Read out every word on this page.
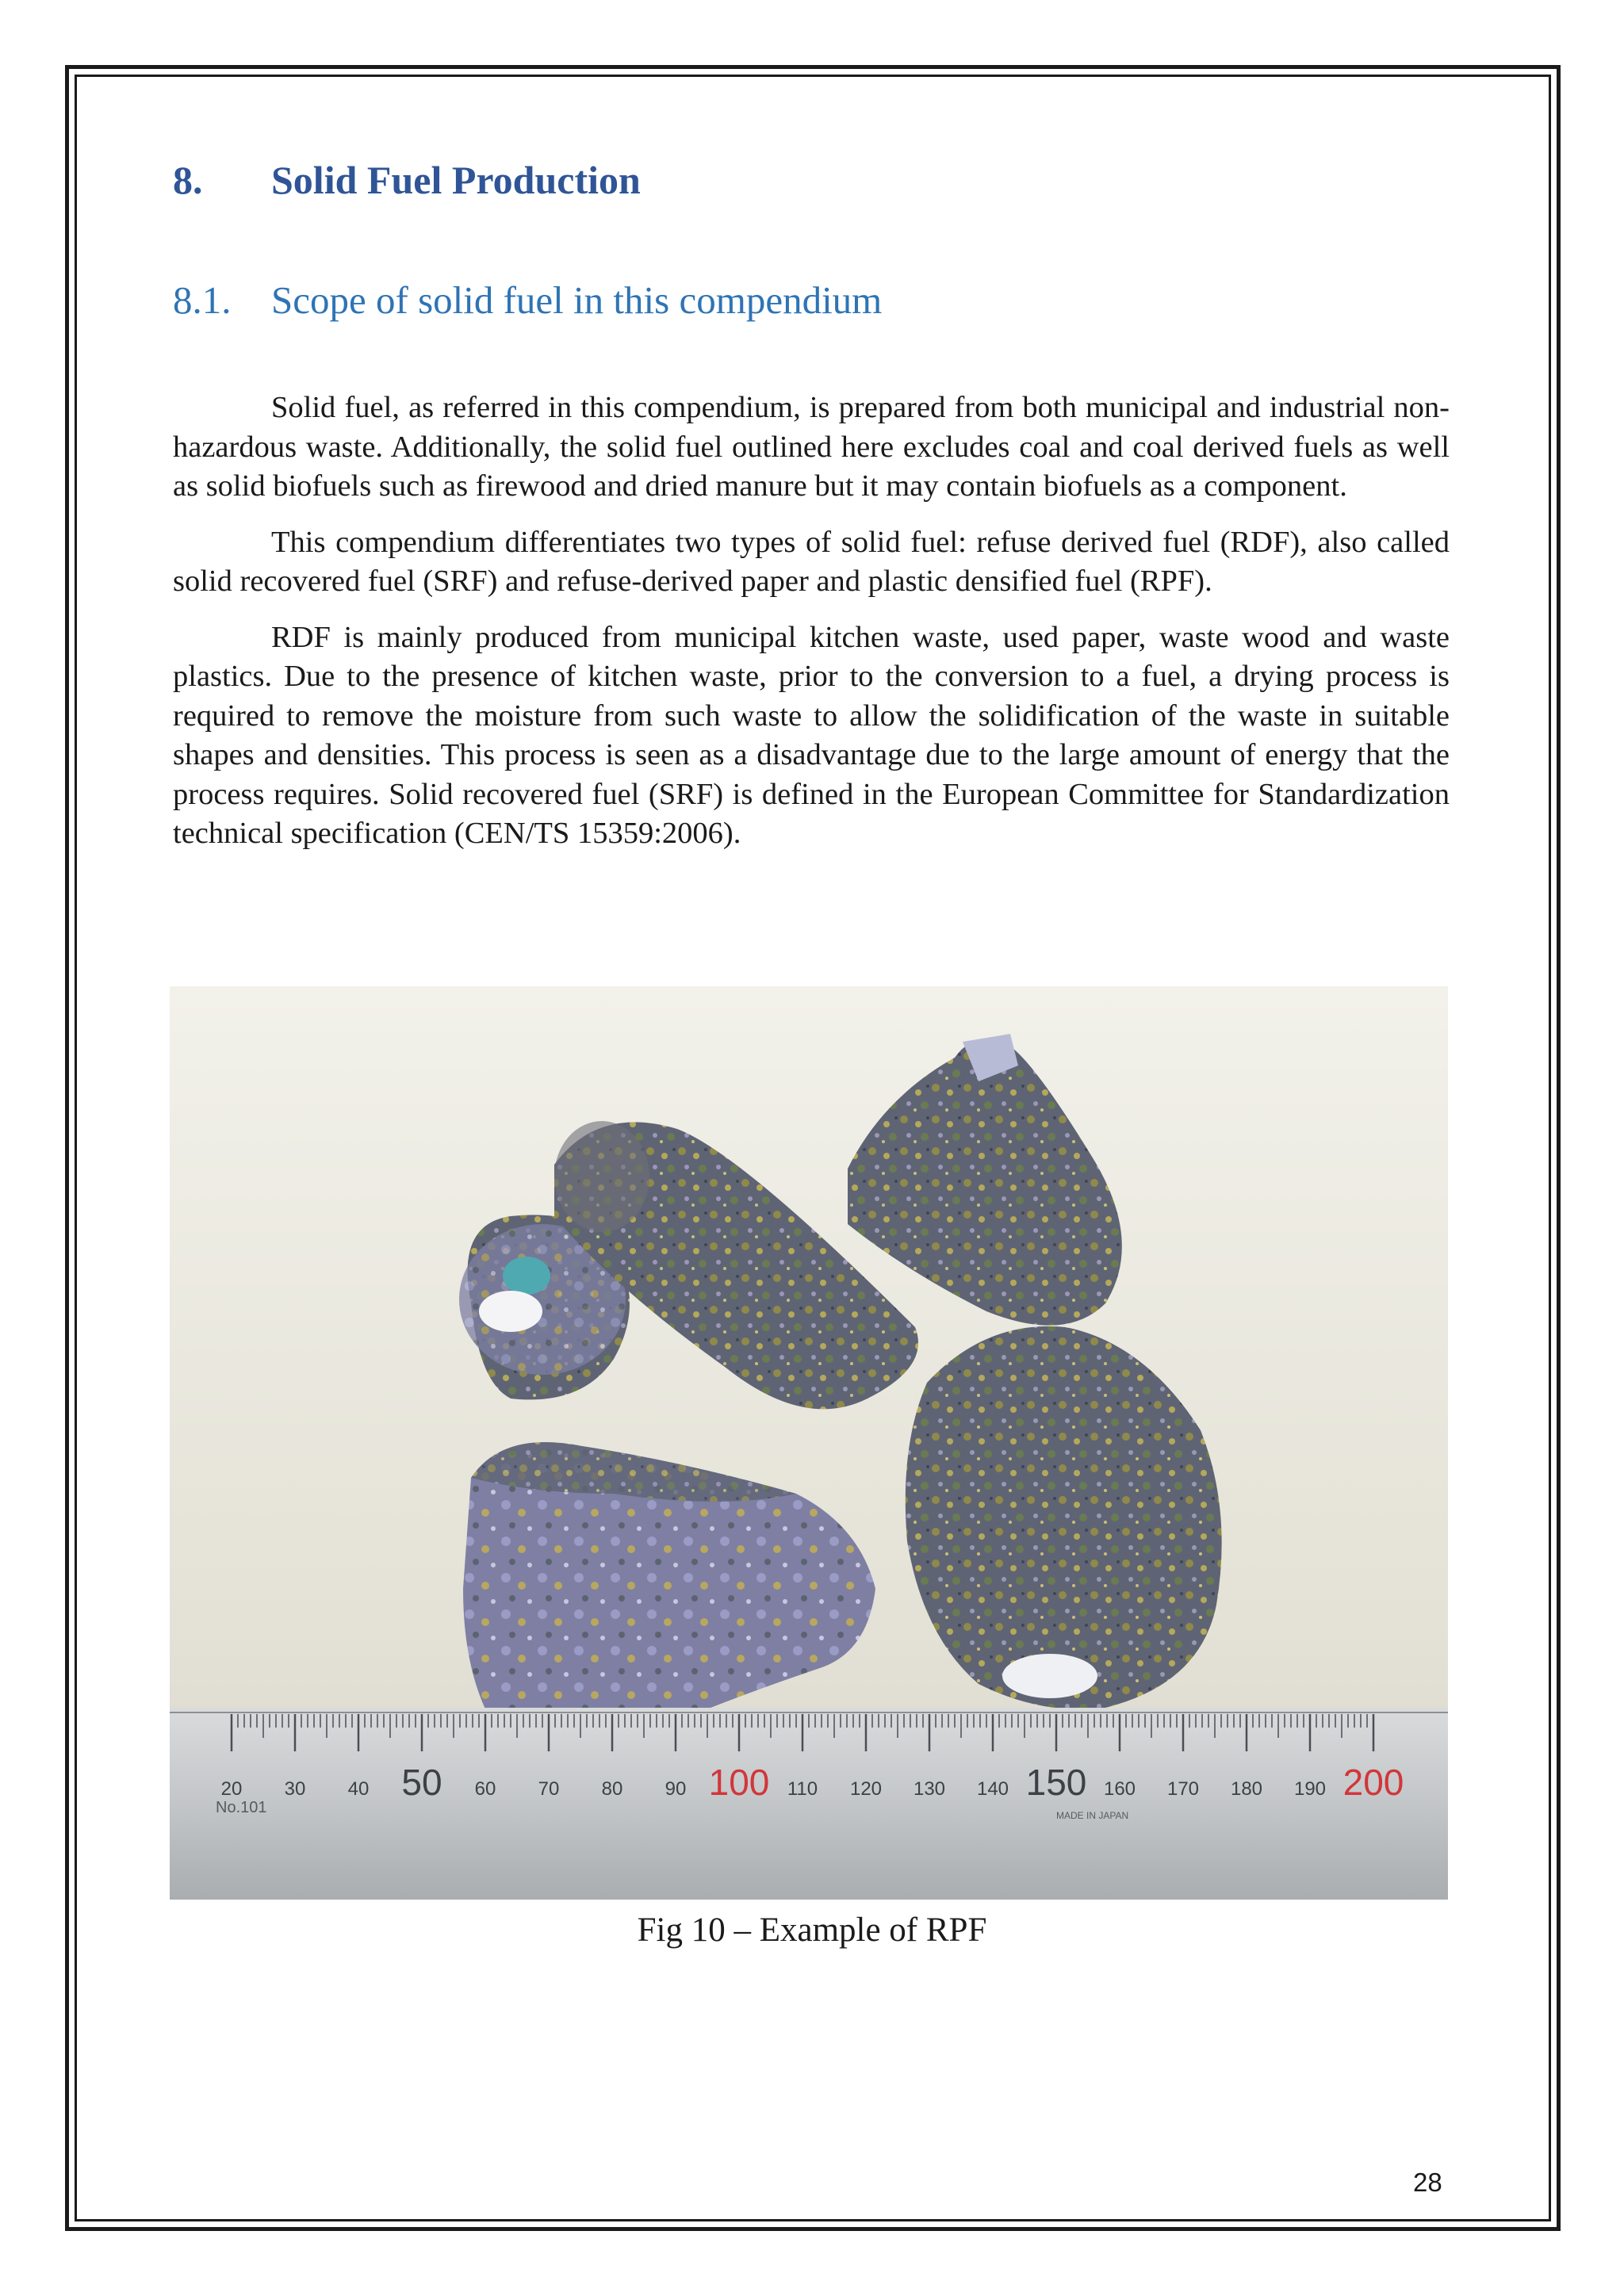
8. Solid Fuel Production
8.1. Scope of solid fuel in this compendium

Solid fuel, as referred in this compendium, is prepared from both municipal and industrial non-hazardous waste. Additionally, the solid fuel outlined here excludes coal and coal derived fuels as well as solid biofuels such as firewood and dried manure but it may contain biofuels as a component.

This compendium differentiates two types of solid fuel: refuse derived fuel (RDF), also called solid recovered fuel (SRF) and refuse-derived paper and plastic densified fuel (RPF).

RDF is mainly produced from municipal kitchen waste, used paper, waste wood and waste plastics. Due to the presence of kitchen waste, prior to the conversion to a fuel, a drying process is required to remove the moisture from such waste to allow the solidification of the waste in suitable shapes and densities. This process is seen as a disadvantage due to the large amount of energy that the process requires. Solid recovered fuel (SRF) is defined in the European Committee for Standardization technical specification (CEN/TS 15359:2006).

20 30 40 50 60 70 80 90 100 110 120 130 140 150 160 170 180 190 200
No.101	MADE IN JAPAN
Fig 10 – Example of RPF
28
